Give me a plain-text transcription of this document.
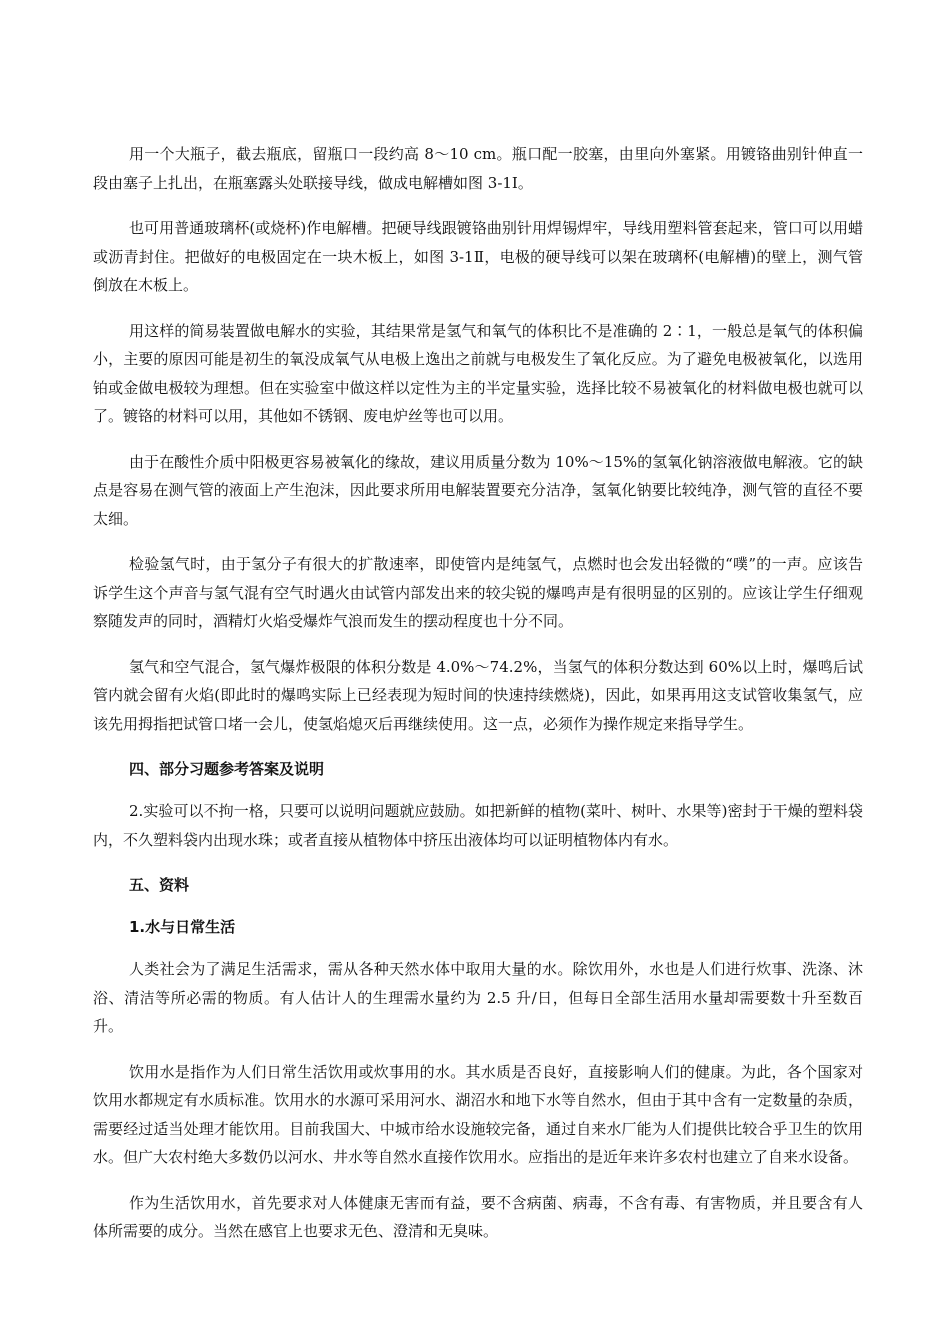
用一个大瓶子，截去瓶底，留瓶口一段约高 8～10 cm。瓶口配一胶塞，由里向外塞紧。用镀铬曲别针伸直一段由塞子上扎出，在瓶塞露头处联接导线，做成电解槽如图 3-1Ⅰ。

也可用普通玻璃杯(或烧杯)作电解槽。把硬导线跟镀铬曲别针用焊锡焊牢，导线用塑料管套起来，管口可以用蜡或沥青封住。把做好的电极固定在一块木板上，如图 3-1Ⅱ，电极的硬导线可以架在玻璃杯(电解槽)的壁上，测气管倒放在木板上。

用这样的简易装置做电解水的实验，其结果常是氢气和氧气的体积比不是准确的 2∶1，一般总是氧气的体积偏小，主要的原因可能是初生的氧没成氧气从电极上逸出之前就与电极发生了氧化反应。为了避免电极被氧化，以选用铂或金做电极较为理想。但在实验室中做这样以定性为主的半定量实验，选择比较不易被氧化的材料做电极也就可以了。镀铬的材料可以用，其他如不锈钢、废电炉丝等也可以用。

由于在酸性介质中阳极更容易被氧化的缘故，建议用质量分数为 10%～15%的氢氧化钠溶液做电解液。它的缺点是容易在测气管的液面上产生泡沫，因此要求所用电解装置要充分洁净，氢氧化钠要比较纯净，测气管的直径不要太细。

检验氢气时，由于氢分子有很大的扩散速率，即使管内是纯氢气，点燃时也会发出轻微的“噗”的一声。应该告诉学生这个声音与氢气混有空气时遇火由试管内部发出来的较尖锐的爆鸣声是有很明显的区别的。应该让学生仔细观察随发声的同时，酒精灯火焰受爆炸气浪而发生的摆动程度也十分不同。

氢气和空气混合，氢气爆炸极限的体积分数是 4.0%～74.2%，当氢气的体积分数达到 60%以上时，爆鸣后试管内就会留有火焰(即此时的爆鸣实际上已经表现为短时间的快速持续燃烧)，因此，如果再用这支试管收集氢气，应该先用拇指把试管口堵一会儿，使氢焰熄灭后再继续使用。这一点，必须作为操作规定来指导学生。

四、部分习题参考答案及说明

2.实验可以不拘一格，只要可以说明问题就应鼓励。如把新鲜的植物(菜叶、树叶、水果等)密封于干燥的塑料袋内，不久塑料袋内出现水珠；或者直接从植物体中挤压出液体均可以证明植物体内有水。

五、资料
1.水与日常生活

人类社会为了满足生活需求，需从各种天然水体中取用大量的水。除饮用外，水也是人们进行炊事、洗涤、沐浴、清洁等所必需的物质。有人估计人的生理需水量约为 2.5 升/日，但每日全部生活用水量却需要数十升至数百升。

饮用水是指作为人们日常生活饮用或炊事用的水。其水质是否良好，直接影响人们的健康。为此，各个国家对饮用水都规定有水质标准。饮用水的水源可采用河水、湖沼水和地下水等自然水，但由于其中含有一定数量的杂质，需要经过适当处理才能饮用。目前我国大、中城市给水设施较完备，通过自来水厂能为人们提供比较合乎卫生的饮用水。但广大农村绝大多数仍以河水、井水等自然水直接作饮用水。应指出的是近年来许多农村也建立了自来水设备。

作为生活饮用水，首先要求对人体健康无害而有益，要不含病菌、病毒，不含有毒、有害物质，并且要含有人体所需要的成分。当然在感官上也要求无色、澄清和无臭味。
